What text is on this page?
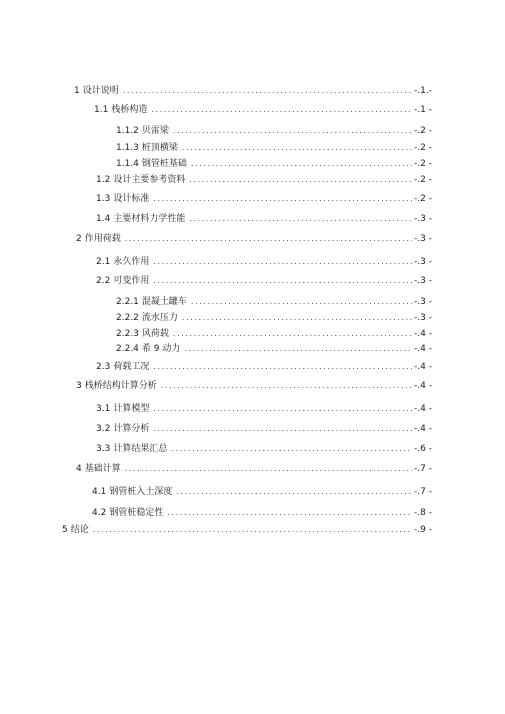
1 设计说明 .....	-.1.-
1.1 栈桥构造 .....	-.1 -
1.1.2 贝雷梁 .....	-.2 -
1.1.3 桩顶横梁 .....	-.2 -
1.1.4 钢管桩基础 .....	-.2 -
1.2 设计主要参考资料 .....	-.2 -
1.3 设计标准 .....	-.2 -
1.4 主要材料力学性能 .....	-.3 -
2 作用荷载 .....	-.3 -
2.1 永久作用 .....	-.3 -
2.2 可变作用 .....	-.3 -
2.2.1 混凝土罐车 .....	-.3 -
2.2.2 流水压力 .....	-.3 -
2.2.3 风荷载 .....	-.4 -
2.2.4 希 9 动力 .....	-.4 -
2.3 荷载工况 .....	-.4 -
3 栈桥结构计算分析 .....	-.4 -
3.1 计算模型 .....	-.4 -
3.2 计算分析 .....	-.4 -
3.3 计算结果汇总 .....	-.6 -
4 基础计算 .....	-.7 -
4.1 钢管桩入土深度 .....	-.7 -
4.2 钢管桩稳定性 .....	-.8 -
5 结论 .....	-.9 -
